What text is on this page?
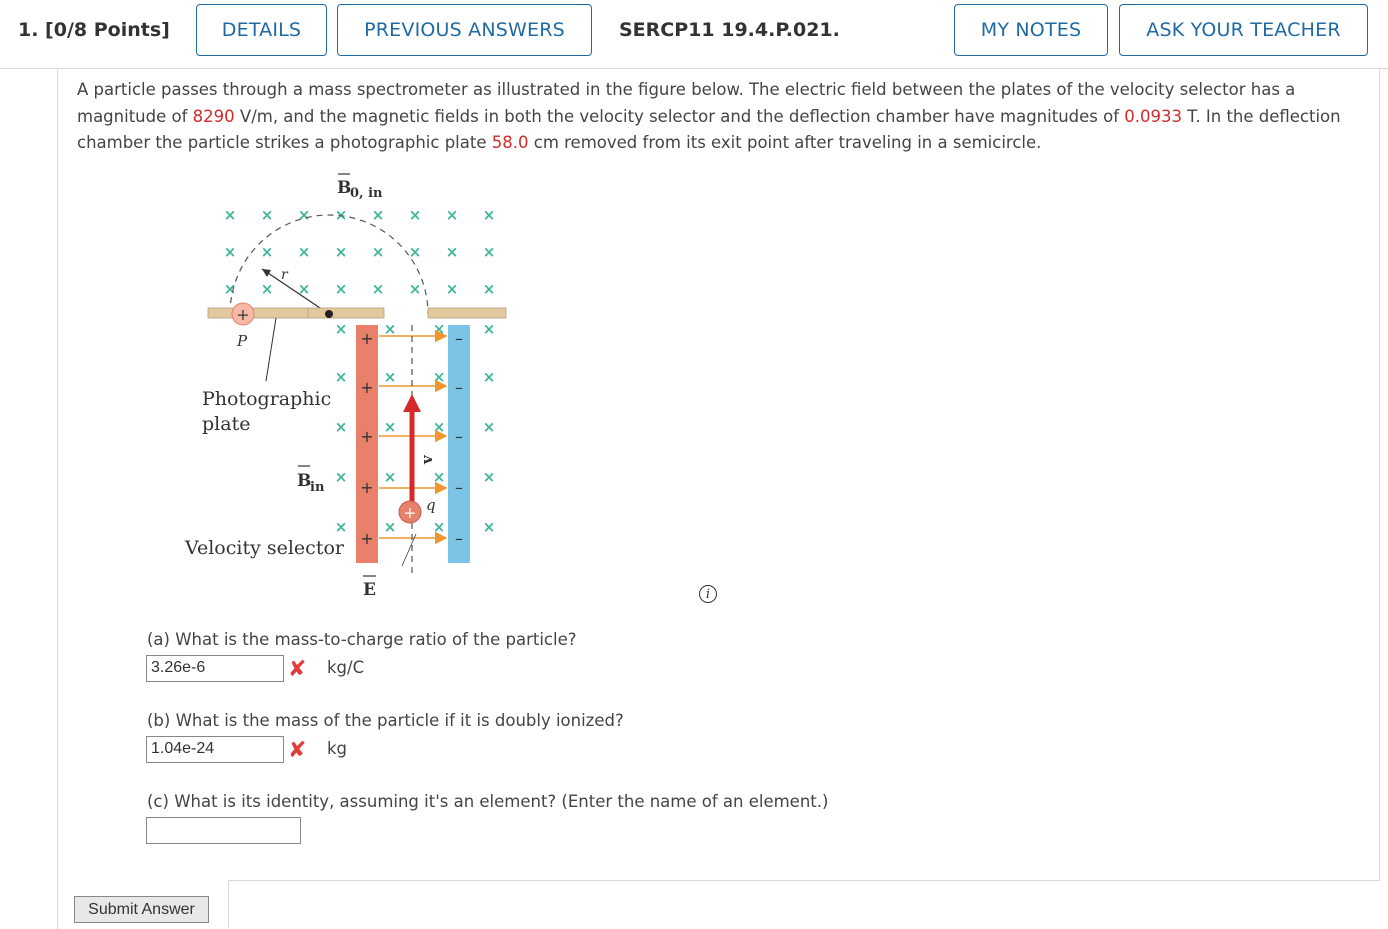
1. [0/8 Points]	DETAILS	PREVIOUS ANSWERS	SERCP11 19.4.P.021.	MY NOTES	ASK YOUR TEACHER
A particle passes through a mass spectrometer as illustrated in the figure below. The electric field between the plates of the velocity selector has a magnitude of 8290 V/m, and the magnetic fields in both the velocity selector and the deflection chamber have magnitudes of 0.0933 T. In the deflection chamber the particle strikes a photographic plate 58.0 cm removed from its exit point after traveling in a semicircle.
× × × × × × × ×
× × × × × × × ×
× × × × × × × ×
r
+
P
Photographic
plate
B
in
B
0, in
Velocity selector
+	–
+	–
+	–
+	–
+	–
× × × ×
× × × ×
× × × ×
× × × ×
× × × ×
v
+ q
E	i
(a) What is the mass-to-charge ratio of the particle?
3.26e-6	✘ kg/C
(b) What is the mass of the particle if it is doubly ionized?
1.04e-24	✘ kg
(c) What is its identity, assuming it's an element? (Enter the name of an element.)
Submit Answer
